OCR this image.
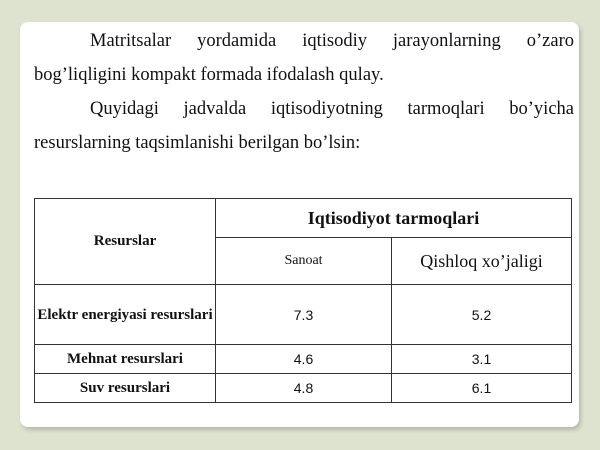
Matritsalar yordamida iqtisodiy jarayonlarning o’zaro bog’liqligini kompakt formada ifodalash qulay.

Quyidagi jadvalda iqtisodiyotning tarmoqlari bo’yicha resurslarning taqsimlanishi berilgan bo’lsin:

Resurslar	Iqtisodiyot tarmoqlari	
	Sanoat	Qishloq xo’jaligi
Elektr energiyasi resurslari	7.3	5.2
Mehnat resurslari	4.6	3.1
Suv resurslari	4.8	6.1
